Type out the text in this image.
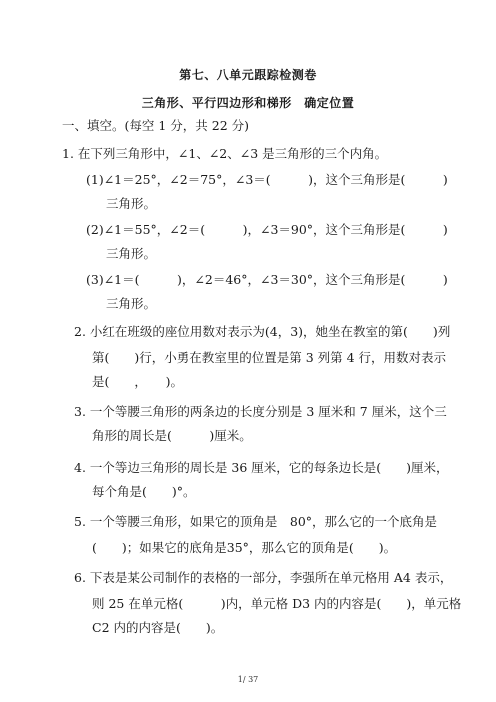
第七、八单元跟踪检测卷
三角形、平行四边形和梯形　确定位置
一、填空。(每空 1 分，共 22 分)
1. 在下列三角形中，∠1、∠2、∠3 是三角形的三个内角。
(1)∠1＝25°，∠2＝75°，∠3＝(　　　)，这个三角形是(　　　)
三角形。
(2)∠1＝55°，∠2＝(　　　)，∠3＝90°，这个三角形是(　　　)
三角形。
(3)∠1＝(　　　)，∠2＝46°，∠3＝30°，这个三角形是(　　　)
三角形。
2. 小红在班级的座位用数对表示为(4，3)，她坐在教室的第(　　)列
第(　　)行，小勇在教室里的位置是第 3 列第 4 行，用数对表示
是(　　，　　)。
3. 一个等腰三角形的两条边的长度分别是 3 厘米和 7 厘米，这个三
角形的周长是(　　　)厘米。
4. 一个等边三角形的周长是 36 厘米，它的每条边长是(　　)厘米，
每个角是(　　)°。
5. 一个等腰三角形，如果它的顶角是　80°，那么它的一个底角是
(　　)；如果它的底角是35°，那么它的顶角是(　　)。
6. 下表是某公司制作的表格的一部分，李强所在单元格用 A4 表示，
则 25 在单元格(　　　)内，单元格 D3 内的内容是(　　)，单元格
C2 内的内容是(　　)。
1/ 37
